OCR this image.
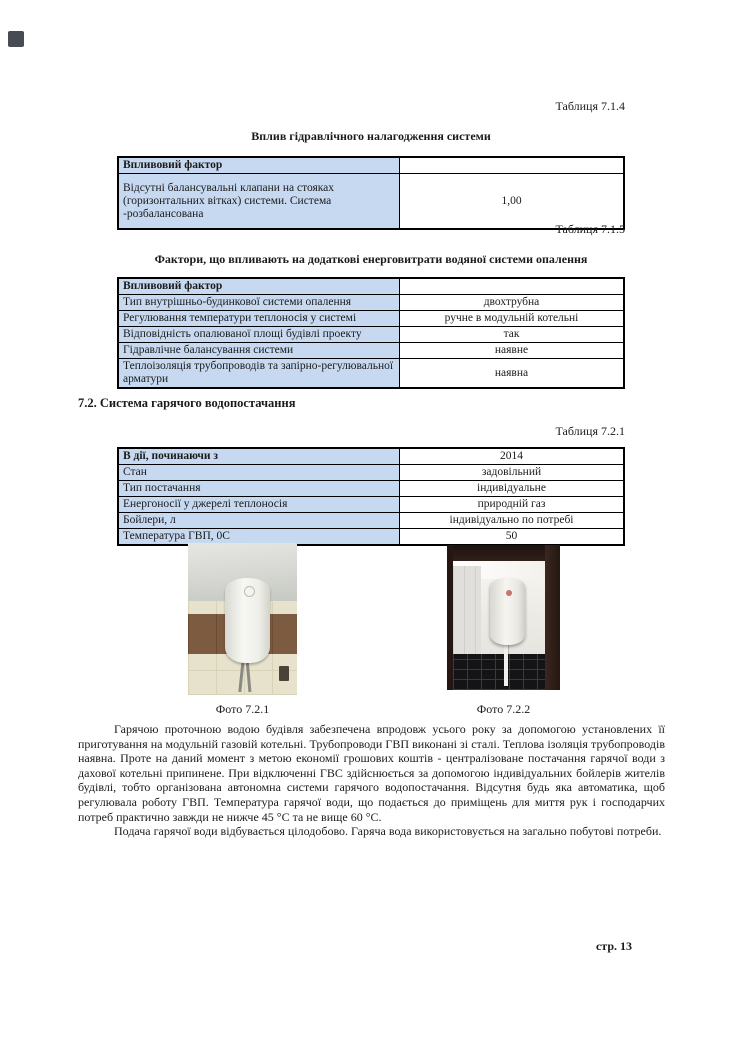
Таблиця 7.1.4
Вплив гідравлічного налагодження системи
Впливовий фактор	
Відсутні балансувальні клапани на стояках (горизонтальних вітках) системи. Система -розбалансована	1,00
Таблиця 7.1.5
Фактори, що впливають на додаткові енерговитрати водяної системи опалення
Впливовий фактор	
Тип внутрішньо-будинкової системи опалення	двохтрубна
Регулювання температури теплоносія у системі	ручне в модульній котельні
Відповідність опалюваної площі будівлі проекту	так
Гідравлічне балансування системи	наявне
Теплоізоляція трубопроводів та запірно-регулювальної арматури	наявна
7.2. Система гарячого водопостачання
Таблиця 7.2.1
В дії, починаючи з	2014
Стан	задовільний
Тип постачання	індивідуальне
Енергоносії у джерелі теплоносія	природній газ
Бойлери, л	індивідуально по потребі
Температура ГВП, 0С	50
Фото 7.2.1	Фото 7.2.2

Гарячою проточною водою будівля забезпечена впродовж усього року за допомогою установлених її приготування на модульній газовій котельні. Трубопроводи ГВП виконані зі сталі. Теплова ізоляція трубопроводів наявна. Проте на даний момент з метою економії грошових коштів - централізоване постачання гарячої води з дахової котельні припинене. При відключенні ГВС здійснюється за допомогою індивідуальних бойлерів жителів будівлі, тобто організована автономна системи гарячого водопостачання. Відсутня будь яка автоматика, щоб регулювала роботу ГВП. Температура гарячої води, що подається до приміщень для миття рук і господарчих потреб практично завжди не нижче 45 °С та не вище 60 °С.

Подача гарячої води відбувається цілодобово. Гаряча вода використовується на загально побутові потреби.

стр. 13
